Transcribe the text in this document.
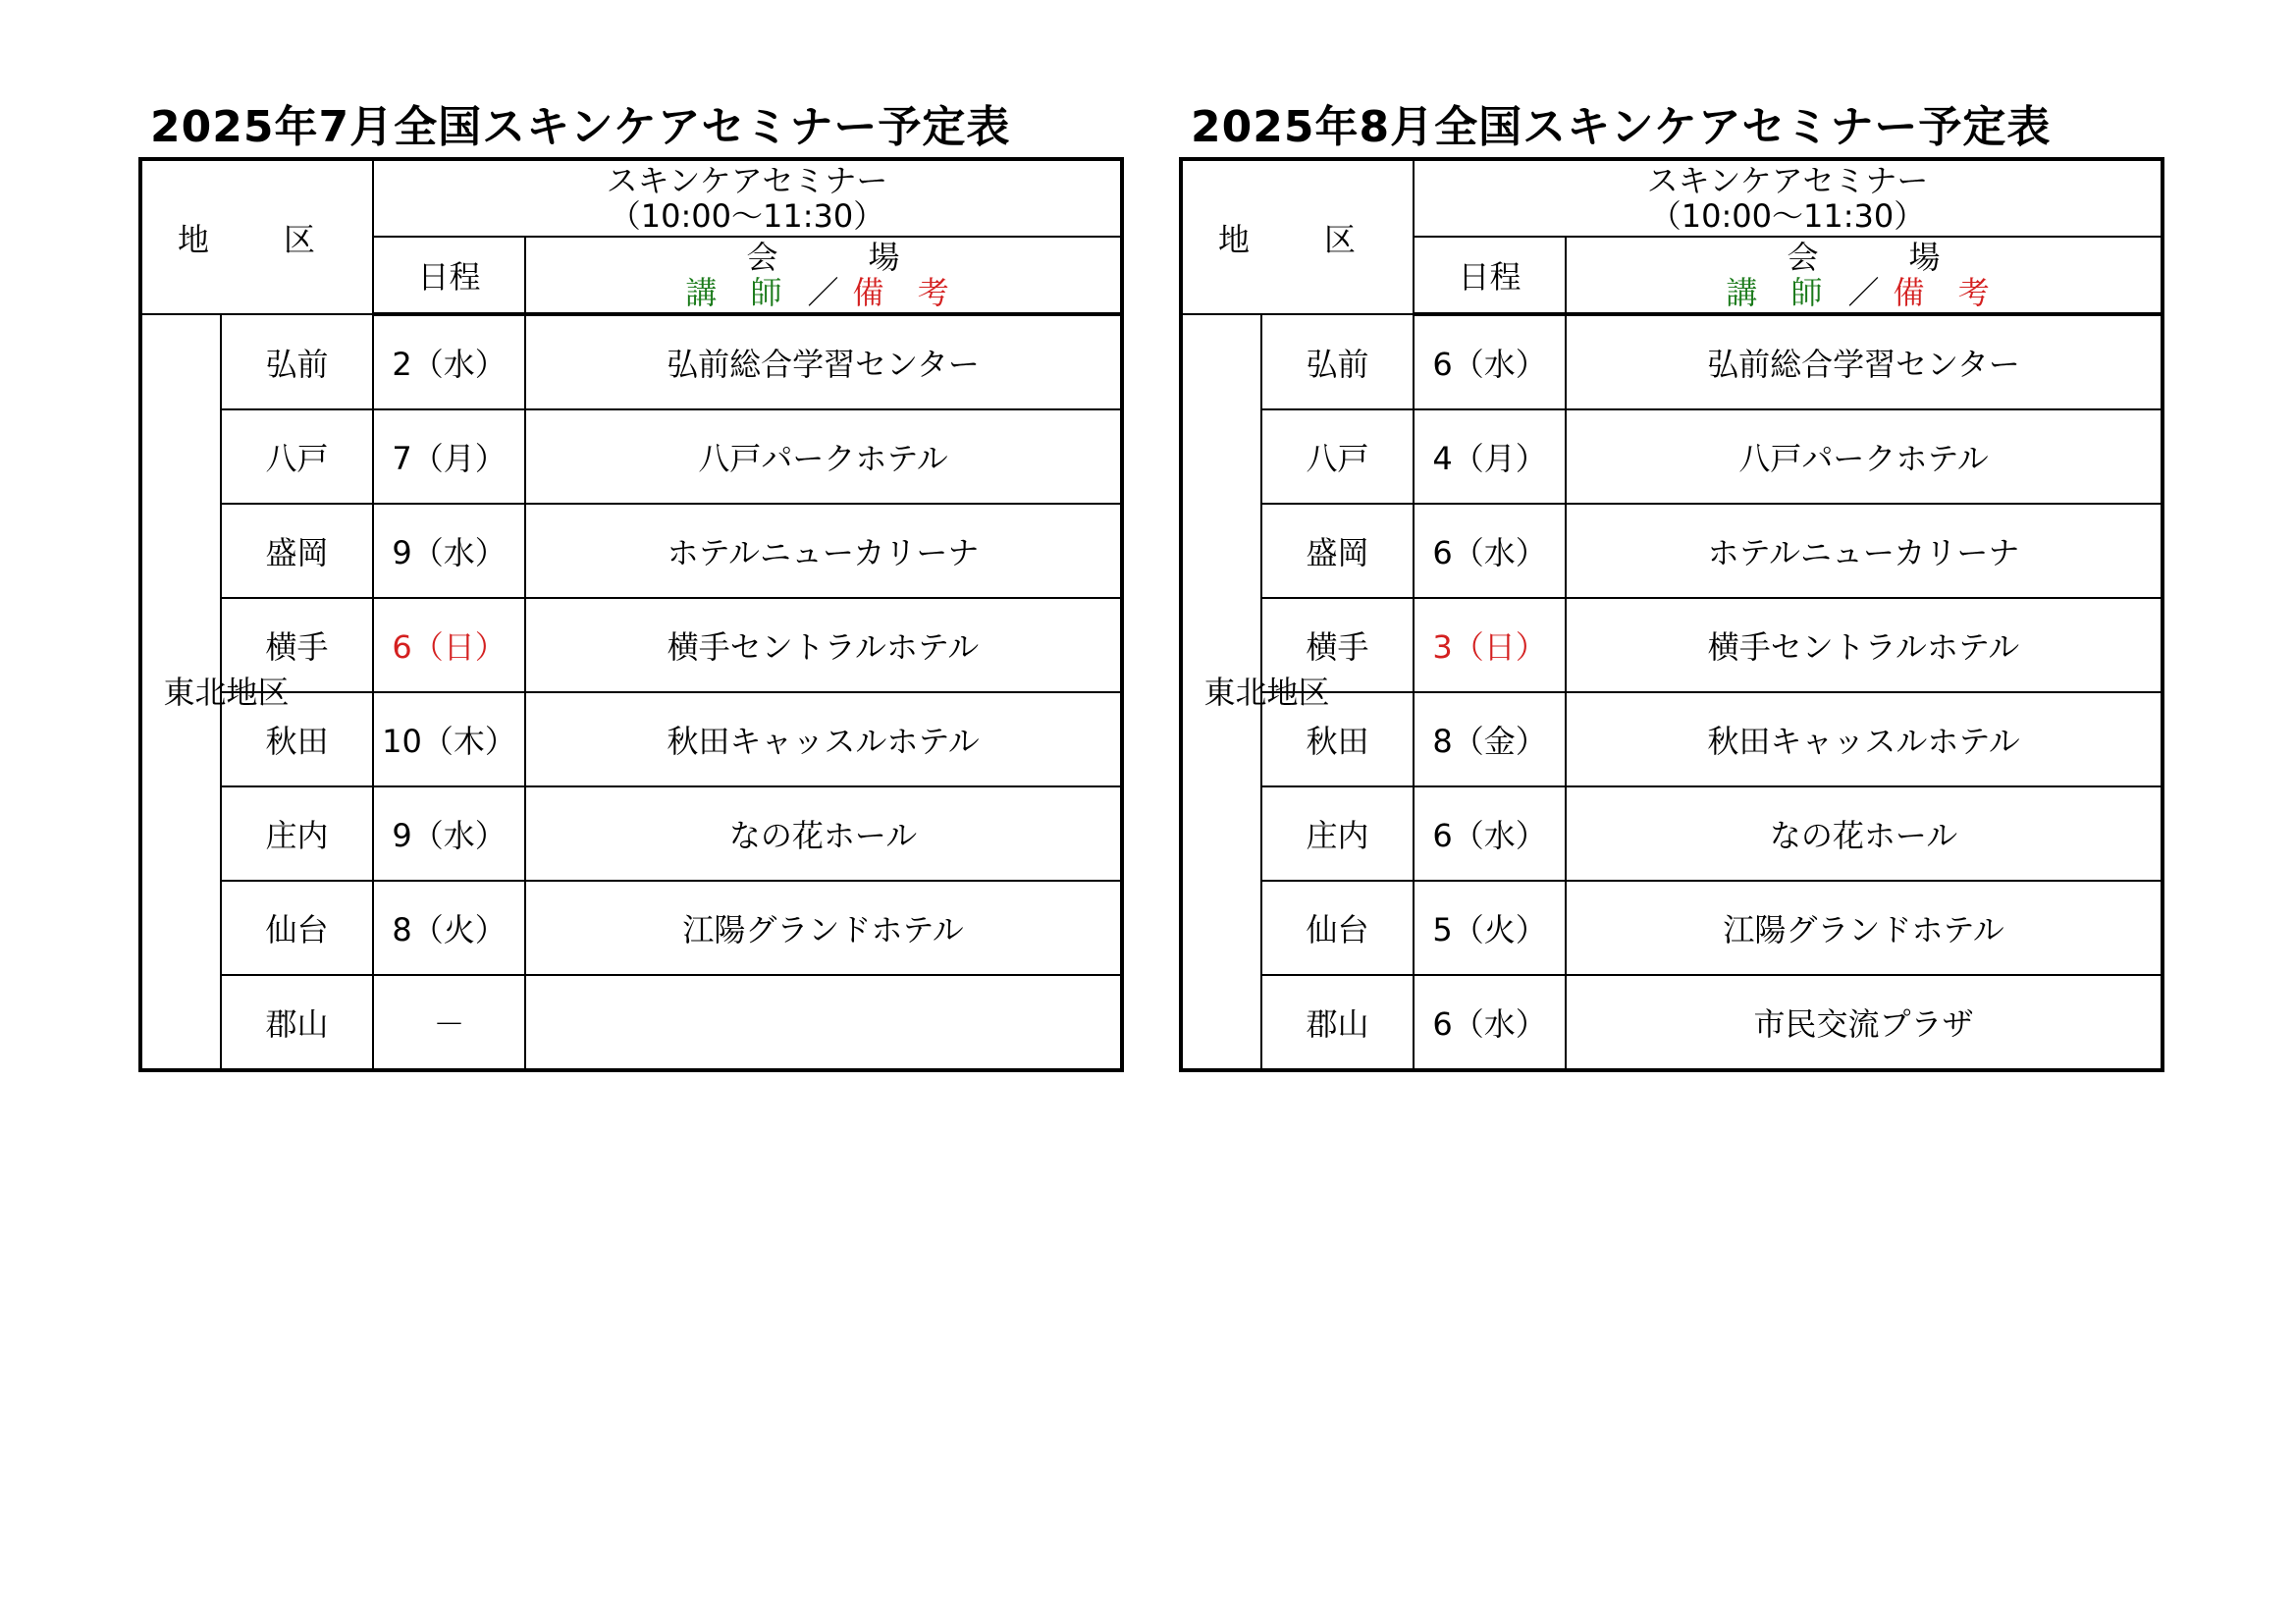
2025年7月全国スキンケアセミナー予定表
地　区		スキンケアセミナー
（10:00～11:30）	

		日程	会　場
講 師 ／ 備 考

東北地区	弘前	2（水）	弘前総合学習センター
	八戸	7（月）	八戸パークホテル
	盛岡	9（水）	ホテルニューカリーナ
	横手	6（日）	横手セントラルホテル
	秋田	10（木）	秋田キャッスルホテル
	庄内	9（水）	なの花ホール
	仙台	8（火）	江陽グランドホテル
	郡山	－	
2025年8月全国スキンケアセミナー予定表
地　区		スキンケアセミナー
（10:00～11:30）	

		日程	会　場
講 師 ／ 備 考

東北地区	弘前	6（水）	弘前総合学習センター
	八戸	4（月）	八戸パークホテル
	盛岡	6（水）	ホテルニューカリーナ
	横手	3（日）	横手セントラルホテル
	秋田	8（金）	秋田キャッスルホテル
	庄内	6（水）	なの花ホール
	仙台	5（火）	江陽グランドホテル
	郡山	6（水）	市民交流プラザ
